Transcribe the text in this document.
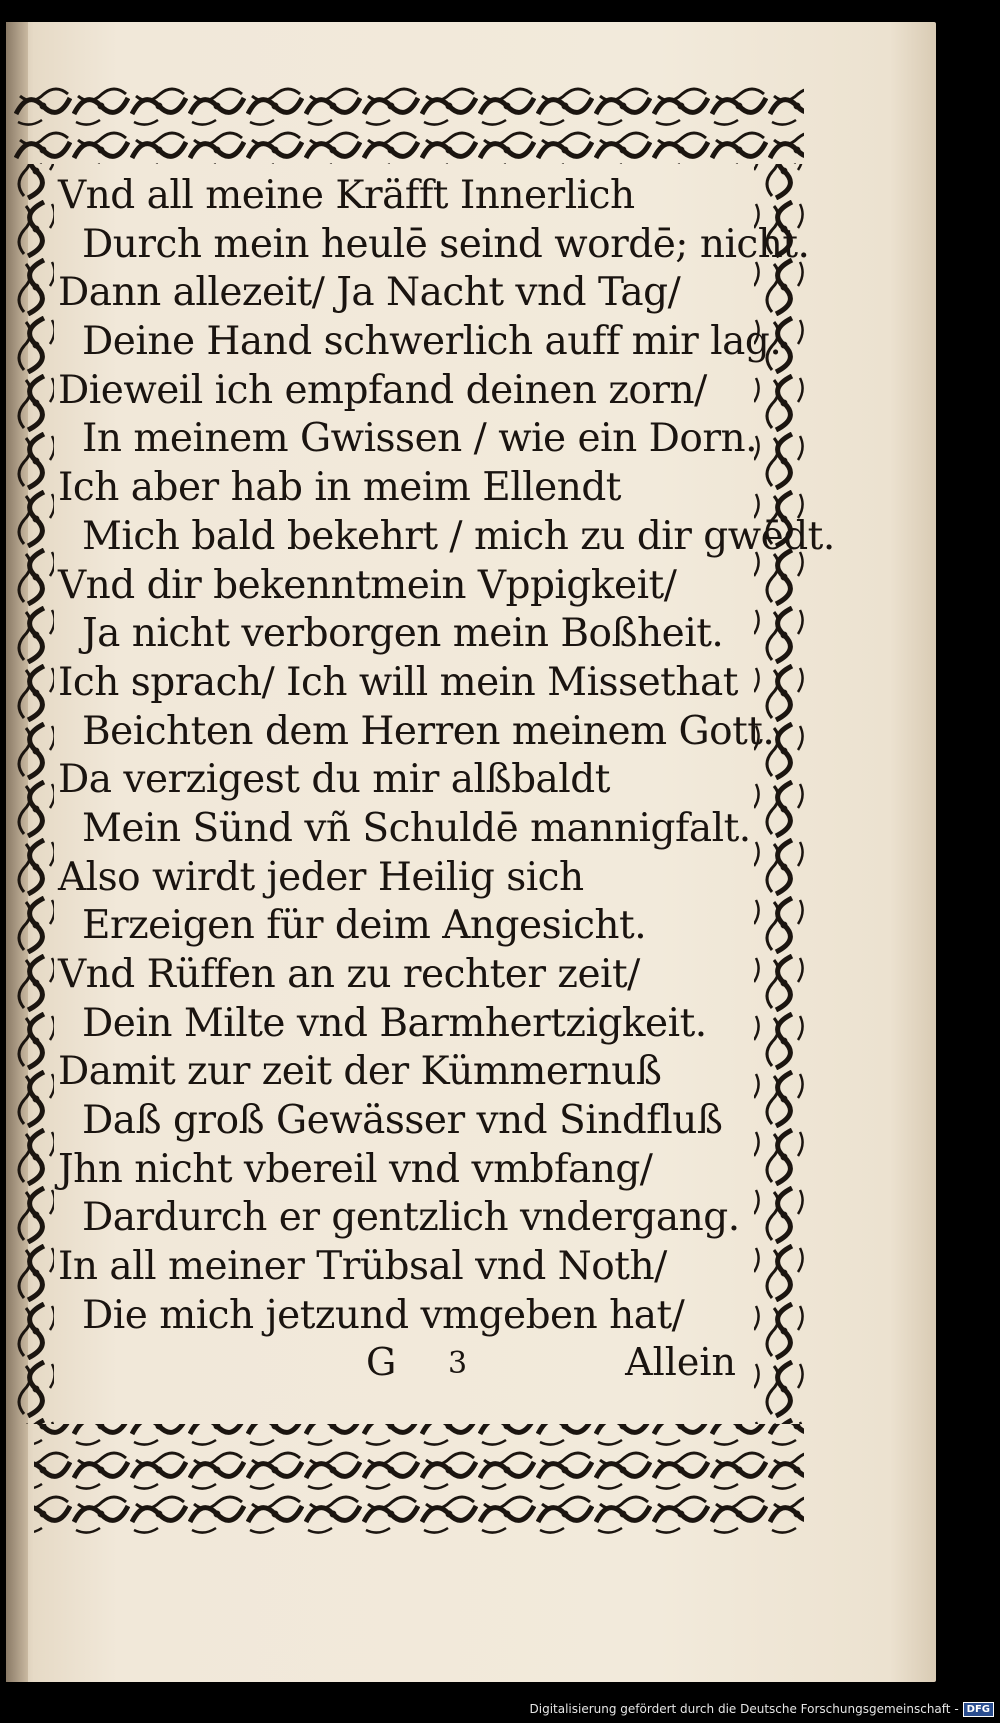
Vnd all meine Kräfft Innerlich
Durch mein heulē seind wordē; nicht.
Dann allezeit/ Ja Nacht vnd Tag/
Deine Hand schwerlich auff mir lag.
Dieweil ich empfand deinen zorn/
In meinem Gwissen / wie ein Dorn.
Ich aber hab in meim Ellendt
Mich bald bekehrt / mich zu dir gwēdt.
Vnd dir bekenntmein Vppigkeit/
Ja nicht verborgen mein Boßheit.
Ich sprach/ Ich will mein Missethat
Beichten dem Herren meinem Gott.
Da verzigest du mir alßbaldt
Mein Sünd vñ Schuldē mannigfalt.
Also wirdt jeder Heilig sich
Erzeigen für deim Angesicht.
Vnd Rüffen an zu rechter zeit/
Dein Milte vnd Barmhertzigkeit.
Damit zur zeit der Kümmernuß
Daß groß Gewässer vnd Sindfluß
Jhn nicht vbereil vnd vmbfang/
Dardurch er gentzlich vndergang.
In all meiner Trübsal vnd Noth/
Die mich jetzund vmgeben hat/
G 3	Allein
Digitalisierung gefördert durch die Deutsche Forschungsgemeinschaft - DFG
